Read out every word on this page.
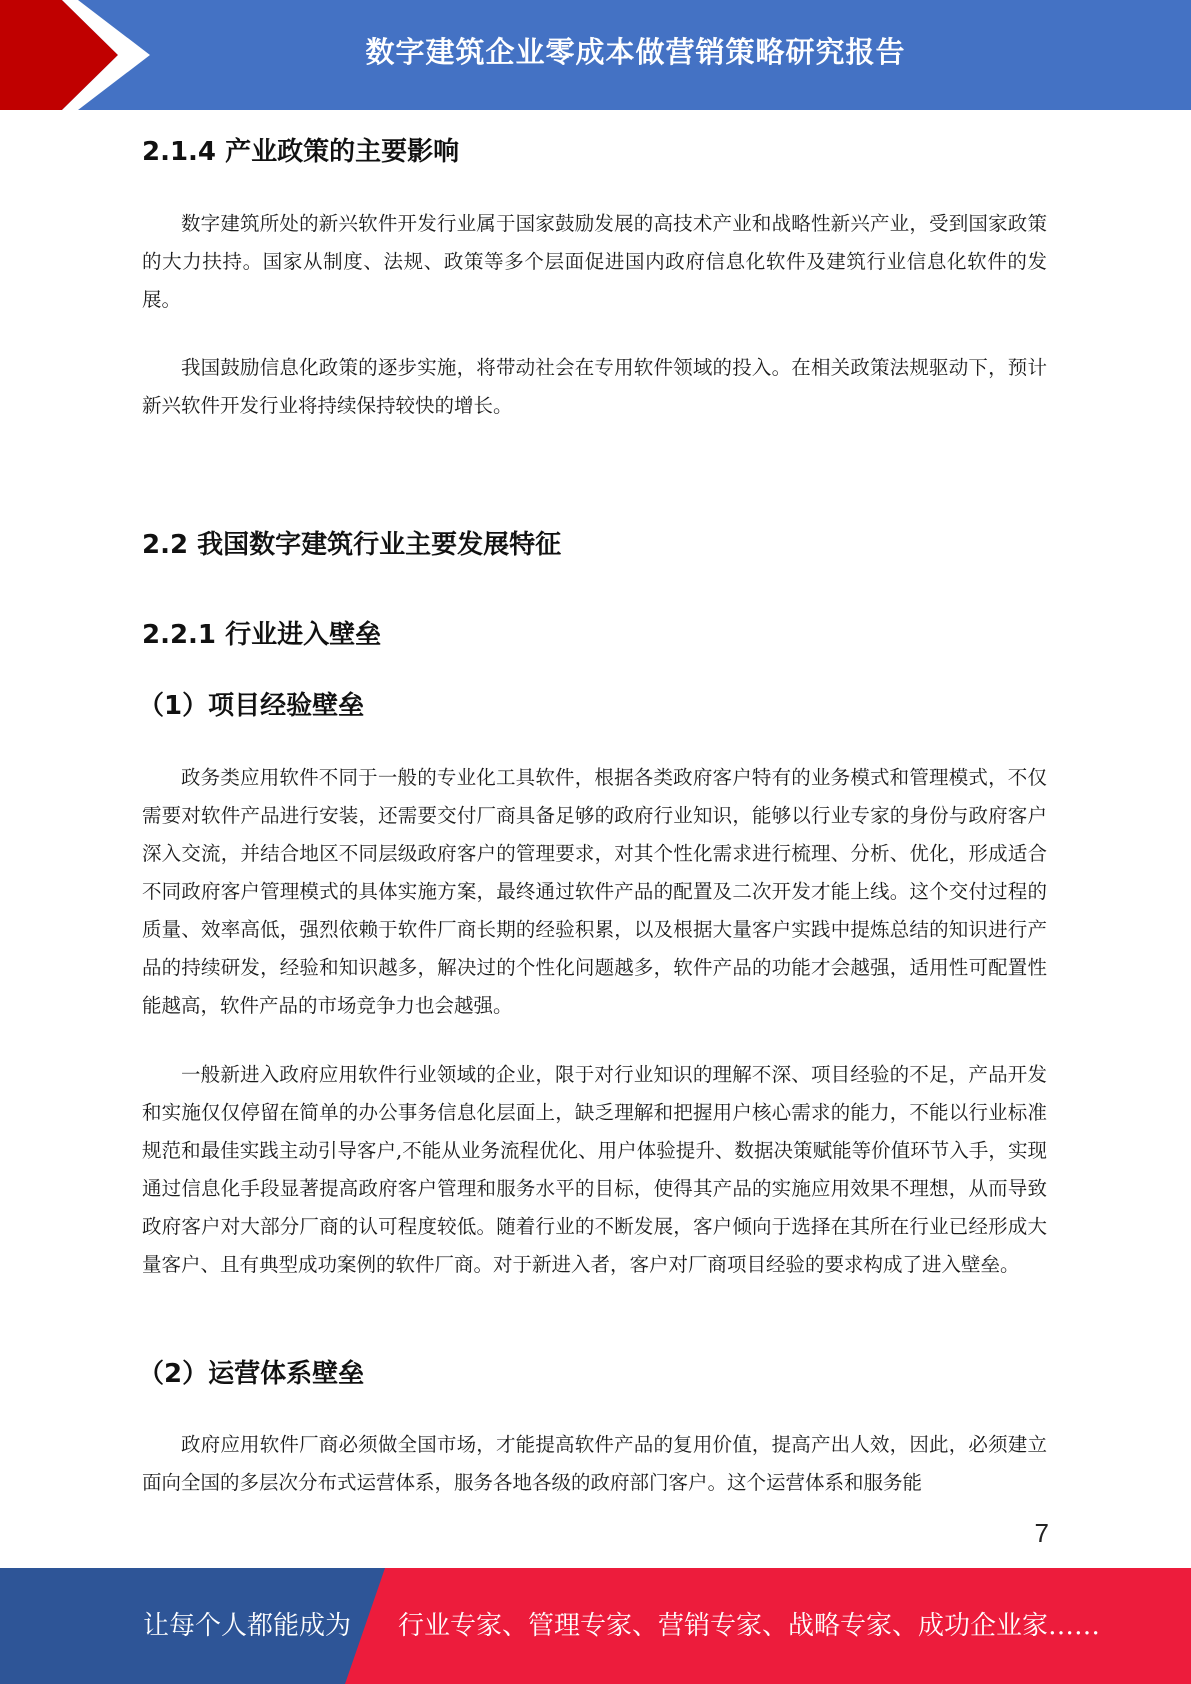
数字建筑企业零成本做营销策略研究报告
2.1.4 产业政策的主要影响

数字建筑所处的新兴软件开发行业属于国家鼓励发展的高技术产业和战略性新兴产业，受到国家政策的大力扶持。国家从制度、法规、政策等多个层面促进国内政府信息化软件及建筑行业信息化软件的发展。

我国鼓励信息化政策的逐步实施，将带动社会在专用软件领域的投入。在相关政策法规驱动下，预计新兴软件开发行业将持续保持较快的增长。

2.2 我国数字建筑行业主要发展特征
2.2.1 行业进入壁垒
（1）项目经验壁垒

政务类应用软件不同于一般的专业化工具软件，根据各类政府客户特有的业务模式和管理模式，不仅需要对软件产品进行安装，还需要交付厂商具备足够的政府行业知识，能够以行业专家的身份与政府客户深入交流，并结合地区不同层级政府客户的管理要求，对其个性化需求进行梳理、分析、优化，形成适合不同政府客户管理模式的具体实施方案，最终通过软件产品的配置及二次开发才能上线。这个交付过程的质量、效率高低，强烈依赖于软件厂商长期的经验积累，以及根据大量客户实践中提炼总结的知识进行产品的持续研发，经验和知识越多，解决过的个性化问题越多，软件产品的功能才会越强，适用性可配置性能越高，软件产品的市场竞争力也会越强。

一般新进入政府应用软件行业领域的企业，限于对行业知识的理解不深、项目经验的不足，产品开发和实施仅仅停留在简单的办公事务信息化层面上，缺乏理解和把握用户核心需求的能力，不能以行业标准规范和最佳实践主动引导客户,不能从业务流程优化、用户体验提升、数据决策赋能等价值环节入手，实现通过信息化手段显著提高政府客户管理和服务水平的目标，使得其产品的实施应用效果不理想，从而导致政府客户对大部分厂商的认可程度较低。随着行业的不断发展，客户倾向于选择在其所在行业已经形成大量客户、且有典型成功案例的软件厂商。对于新进入者，客户对厂商项目经验的要求构成了进入壁垒。

（2）运营体系壁垒

政府应用软件厂商必须做全国市场，才能提高软件产品的复用价值，提高产出人效，因此，必须建立面向全国的多层次分布式运营体系，服务各地各级的政府部门客户。这个运营体系和服务能

7
让每个人都能成为 行业专家、管理专家、营销专家、战略专家、成功企业家……
